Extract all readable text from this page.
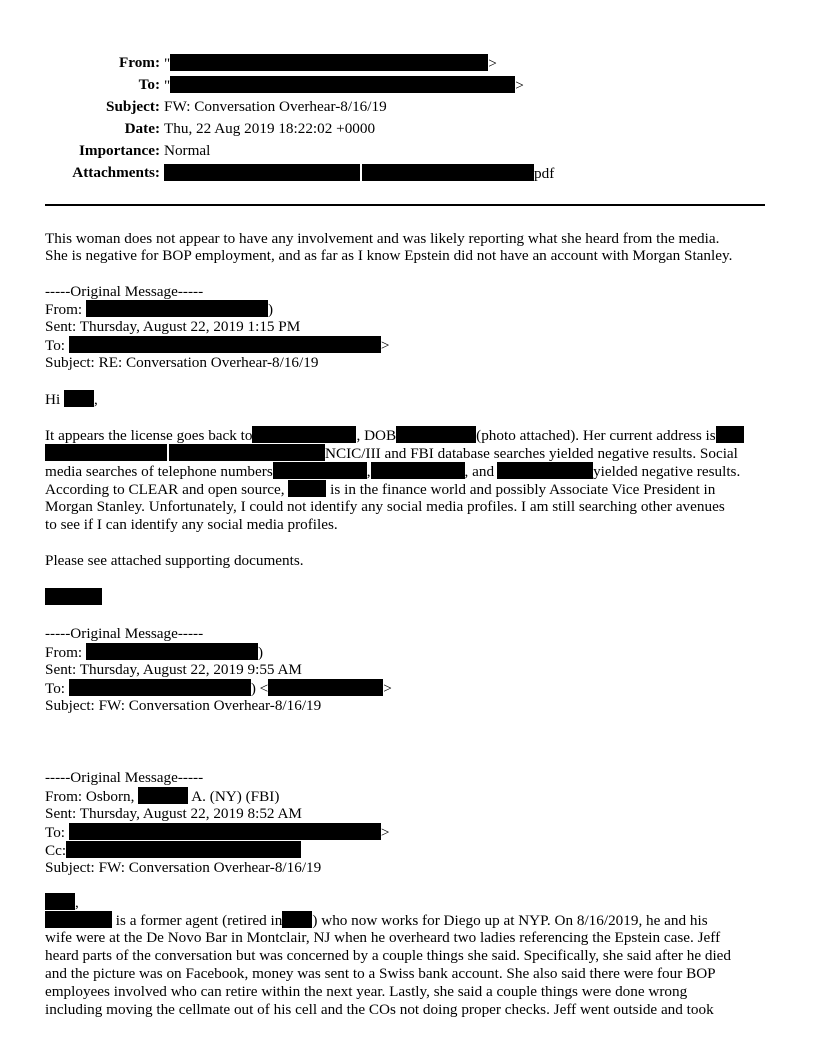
From: "	>
To: "	>
Subject: FW: Conversation Overhear-8/16/19
Date: Thu, 22 Aug 2019 18:22:02 +0000
Importance: Normal
Attachments:	pdf
This woman does not appear to have any involvement and was likely reporting what she heard from the media.
She is negative for BOP employment, and as far as I know Epstein did not have an account with Morgan Stanley.
-----Original Message-----
From:	)
Sent: Thursday, August 22, 2019 1:15 PM
To:	>
Subject: RE: Conversation Overhear-8/16/19
Hi ,
It appears the license goes back to	, DOB	(photo attached). Her current address is
NCIC/III and FBI database searches yielded negative results. Social
media searches of telephone numbers	,	, and	yielded negative results.
According to CLEAR and open source,	is in the finance world and possibly Associate Vice President in
Morgan Stanley. Unfortunately, I could not identify any social media profiles. I am still searching other avenues
to see if I can identify any social media profiles.
Please see attached supporting documents.
-----Original Message-----
From:	)
Sent: Thursday, August 22, 2019 9:55 AM
To:	) <	>
Subject: FW: Conversation Overhear-8/16/19
-----Original Message-----
From: Osborn,	A. (NY) (FBI)
Sent: Thursday, August 22, 2019 8:52 AM
To:	>
Cc:
Subject: FW: Conversation Overhear-8/16/19
,
is a former agent (retired in ) who now works for Diego up at NYP. On 8/16/2019, he and his
wife were at the De Novo Bar in Montclair, NJ when he overheard two ladies referencing the Epstein case. Jeff
heard parts of the conversation but was concerned by a couple things she said. Specifically, she said after he died
and the picture was on Facebook, money was sent to a Swiss bank account. She also said there were four BOP
employees involved who can retire within the next year. Lastly, she said a couple things were done wrong
including moving the cellmate out of his cell and the COs not doing proper checks. Jeff went outside and took
